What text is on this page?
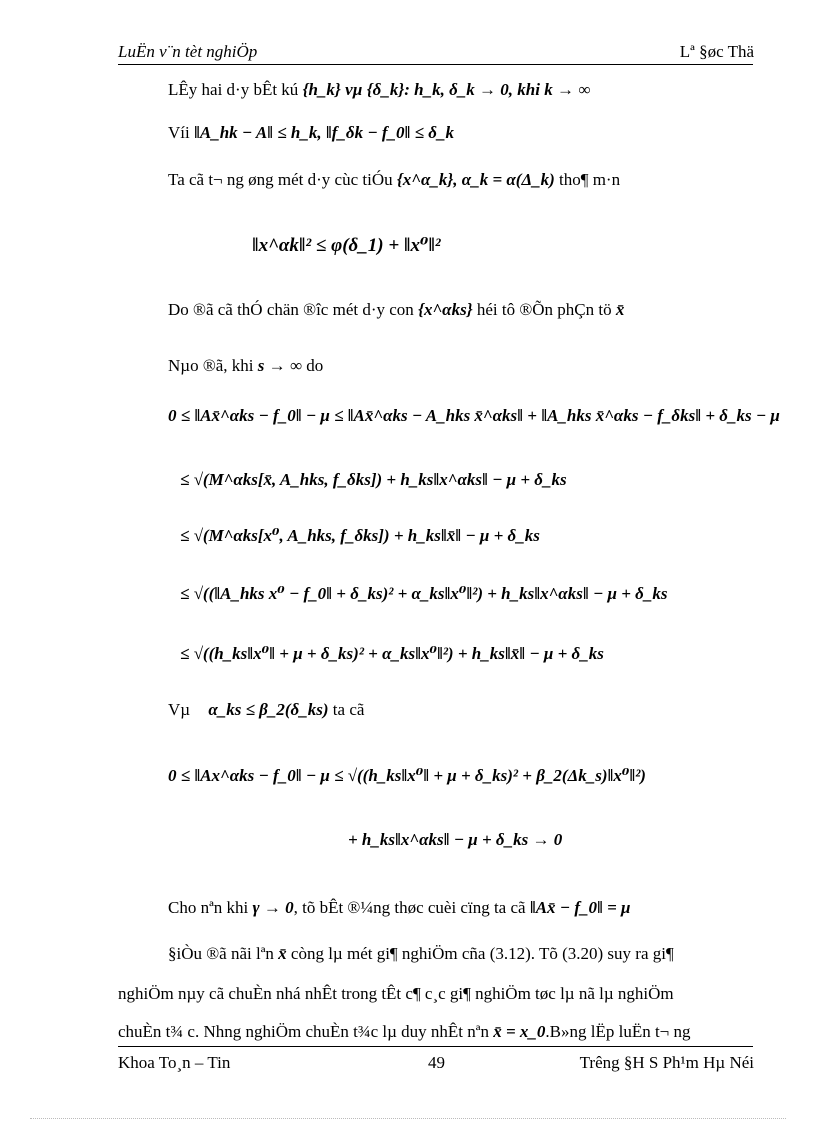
LuËn v¨n tèt nghiÖp	Lª §øc Thä
LÊy hai d·y bÊt kú {h_k} vµ {δ_k}: h_k, δ_k → 0, khi k → ∞
Víi ‖A_hk − A‖ ≤ h_k, ‖f_δk − f_0‖ ≤ δ_k
Ta cã t¬ ng øng mét d·y cùc tiÓu {x^α_k}, α_k = α(Δ_k) tho¶ m·n
‖x^αk‖² ≤ φ(δ_1) + ‖x⁰‖²
Do ®ã cã thÓ chän ®îc mét d·y con {x^αks} héi tô ®Õn phÇn tö x̄
Nµo ®ã, khi s → ∞ do
0 ≤ ‖Ax̄^αks − f_0‖ − μ ≤ ‖Ax̄^αks − A_hks x̄^αks‖ + ‖A_hks x̄^αks − f_δks‖ + δ_ks − μ
≤ √(M^αks[x̄, A_hks, f_δks]) + h_ks‖x^αks‖ − μ + δ_ks
≤ √(M^αks[x⁰, A_hks, f_δks]) + h_ks‖x̄‖ − μ + δ_ks
≤ √((‖A_hks x⁰ − f_0‖ + δ_ks)² + α_ks‖x⁰‖²) + h_ks‖x^αks‖ − μ + δ_ks
≤ √((h_ks‖x⁰‖ + μ + δ_ks)² + α_ks‖x⁰‖²) + h_ks‖x̄‖ − μ + δ_ks
Vµ α_ks ≤ β_2(δ_ks) ta cã
0 ≤ ‖Ax^αks − f_0‖ − μ ≤ √((h_ks‖x⁰‖ + μ + δ_ks)² + β_2(Δk_s)‖x⁰‖²)
+ h_ks‖x^αks‖ − μ + δ_ks → 0
Cho nªn khi γ → 0, tõ bÊt ®¼ng thøc cuèi cïng ta cã ‖Ax̄ − f_0‖ = μ
§iÒu ®ã nãi lªn x̄ còng lµ mét gi¶ nghiÖm cña (3.12). Tõ (3.20) suy ra gi¶
nghiÖm nµy cã chuÈn nhá nhÊt trong tÊt c¶ c¸c gi¶ nghiÖm tøc lµ nã lµ nghiÖm
chuÈn t¾ c. Nhng nghiÖm chuÈn t¾c lµ duy nhÊt nªn x̄ = x_0.B»ng lËp luËn t¬ ng
Khoa To¸n – Tin	49	Trêng §H S Ph¹m Hµ Néi
